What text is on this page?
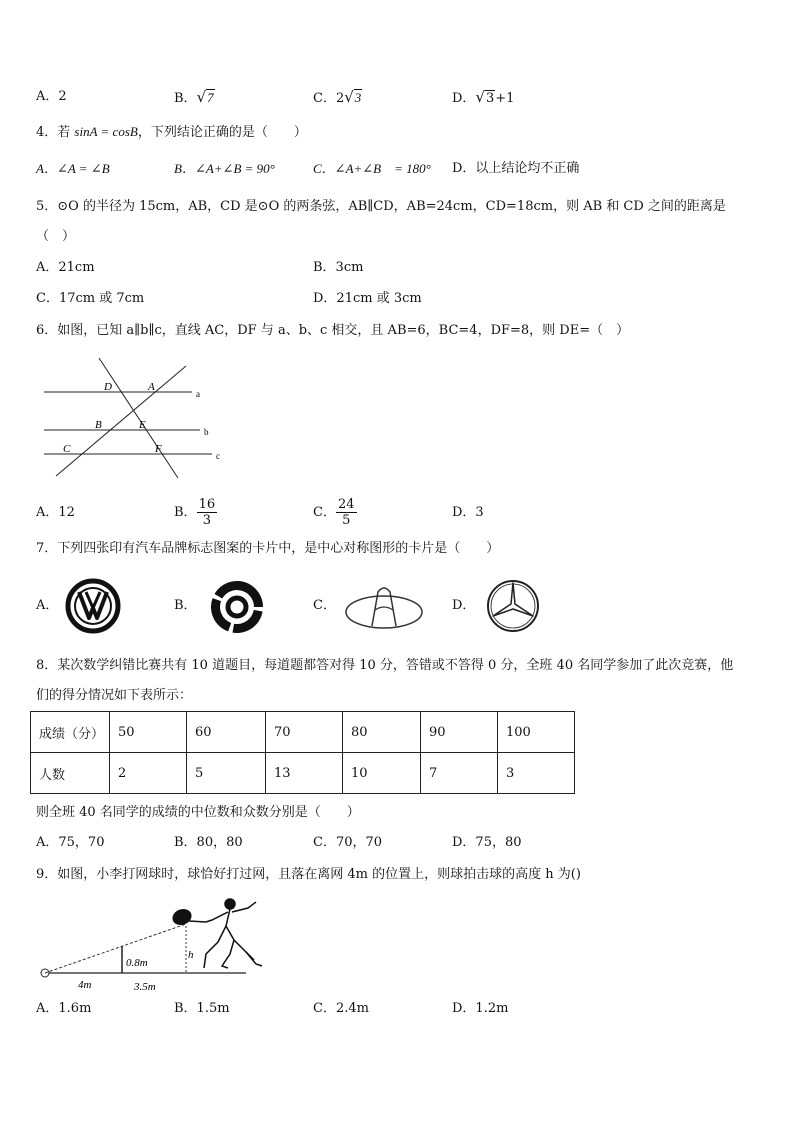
A．2	B．√7	C．2√3	D．√3+1
4．若 sinA = cosB，下列结论正确的是（　　）
A．∠A = ∠B	B．∠A+∠B = 90°	C．∠A+∠B　= 180° D．以上结论均不正确
5．⊙O 的半径为 15cm，AB，CD 是⊙O 的两条弦，AB∥CD，AB=24cm，CD=18cm，则 AB 和 CD 之间的距离是
（　）
A．21cm	B．3cm
C．17cm 或 7cm	D．21cm 或 3cm
6．如图，已知 a∥b∥c，直线 AC，DF 与 a、b、c 相交，且 AB=6，BC=4，DF=8，则 DE=（　）
D	A
B	E
C	F
a
b
c
A．12	B． $\frac{16}{3}$	C． $\frac{24}{5}$	D．3
7．下列四张印有汽车品牌标志图案的卡片中，是中心对称图形的卡片是（　　）
A．	B．	C．	D．
8．某次数学纠错比赛共有 10 道题目，每道题都答对得 10 分，答错或不答得 0 分，全班 40 名同学参加了此次竞赛，他
们的得分情况如下表所示：
成绩（分）	50	60	70	80	90	100
人数	2	5	13	10	7	3
则全班 40 名同学的成绩的中位数和众数分别是（　　）
A．75，70	B．80，80	C．70，70	D．75，80
9．如图，小李打网球时，球恰好打过网，且落在离网 4m 的位置上，则球拍击球的高度 h 为()
0.8m
h
4m	3.5m
A．1.6m	B．1.5m	C．2.4m	D．1.2m
